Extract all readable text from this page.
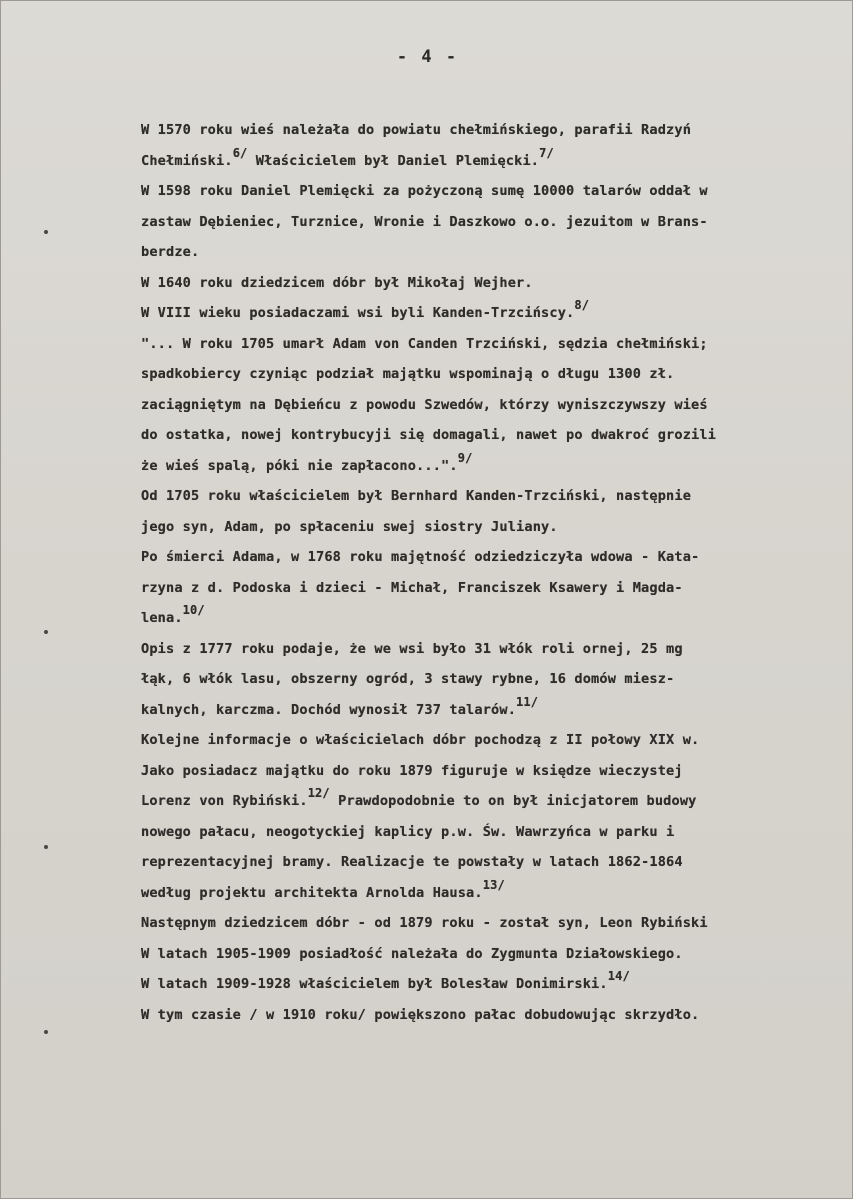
- 4 -
W 1570 roku wieś należała do powiatu chełmińskiego, parafii Radzyń
Chełmiński.6/ Właścicielem był Daniel Plemięcki.7/
W 1598 roku Daniel Plemięcki za pożyczoną sumę 10000 talarów oddał w
zastaw Dębieniec, Turznice, Wronie i Daszkowo o.o. jezuitom w Brans-
berdze.
W 1640 roku dziedzicem dóbr był Mikołaj Wejher.
W VIII wieku posiadaczami wsi byli Kanden-Trzcińscy.8/
"... W roku 1705 umarł Adam von Canden Trzciński, sędzia chełmiński;
spadkobiercy czyniąc podział majątku wspominają o długu 1300 zł.
zaciągniętym na Dębieńcu z powodu Szwedów, którzy wyniszczywszy wieś
do ostatka, nowej kontrybucyji się domagali, nawet po dwakroć grozili
że wieś spalą, póki nie zapłacono...".9/
Od 1705 roku właścicielem był Bernhard Kanden-Trzciński, następnie
jego syn, Adam, po spłaceniu swej siostry Juliany.
Po śmierci Adama, w 1768 roku majętność odziedziczyła wdowa - Kata-
rzyna z d. Podoska i dzieci - Michał, Franciszek Ksawery i Magda-
lena.10/
Opis z 1777 roku podaje, że we wsi było 31 włók roli ornej, 25 mg
łąk, 6 włók lasu, obszerny ogród, 3 stawy rybne, 16 domów miesz-
kalnych, karczma. Dochód wynosił 737 talarów.11/
Kolejne informacje o właścicielach dóbr pochodzą z II połowy XIX w.
Jako posiadacz majątku do roku 1879 figuruje w księdze wieczystej
Lorenz von Rybiński.12/ Prawdopodobnie to on był inicjatorem budowy
nowego pałacu, neogotyckiej kaplicy p.w. Św. Wawrzyńca w parku i
reprezentacyjnej bramy. Realizacje te powstały w latach 1862-1864
według projektu architekta Arnolda Hausa.13/
Następnym dziedzicem dóbr - od 1879 roku - został syn, Leon Rybiński
W latach 1905-1909 posiadłość należała do Zygmunta Działowskiego.
W latach 1909-1928 właścicielem był Bolesław Donimirski.14/
W tym czasie / w 1910 roku/ powiększono pałac dobudowując skrzydło.
